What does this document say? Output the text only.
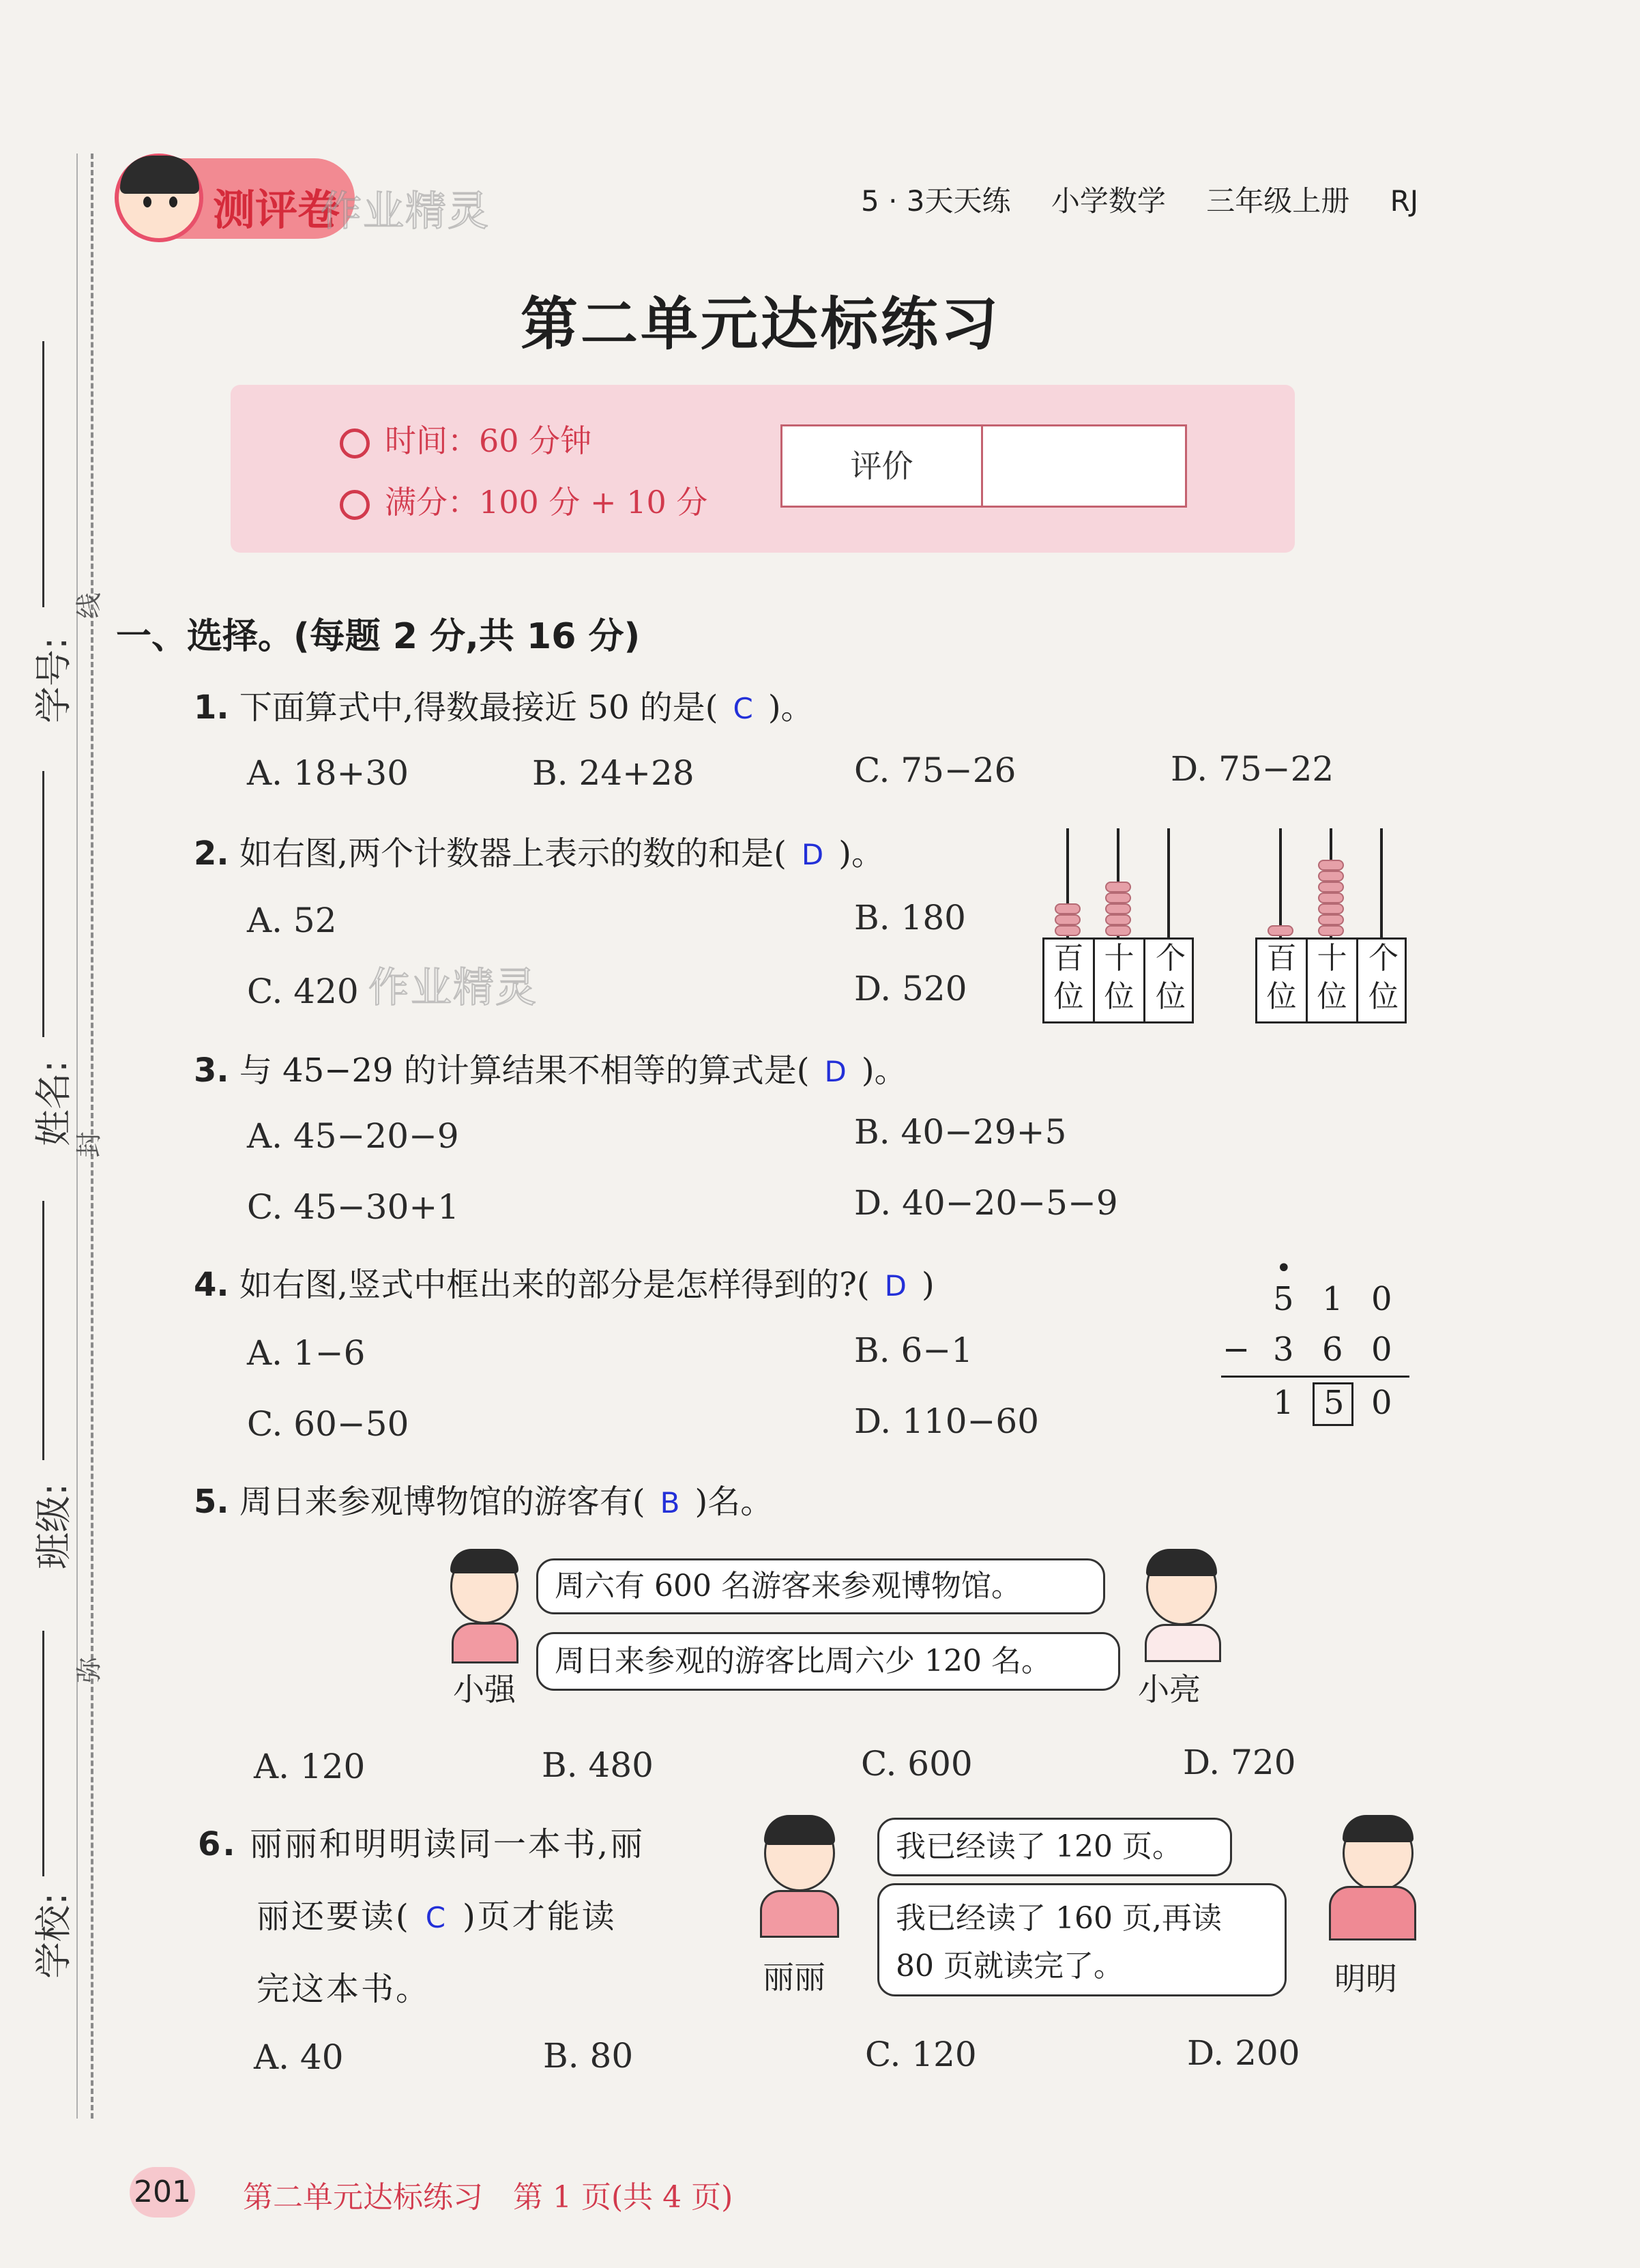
学号:
姓名:
班级:
学校:
线
封
弥
测评卷
作业精灵	5 · 3天天练 小学数学 三年级上册 RJ
第二单元达标练习
时间：60 分钟
满分：100 分 + 10 分
评价
一、选择。(每题 2 分,共 16 分)
1. 下面算式中,得数最接近 50 的是( C )。
A. 18+30	B. 24+28	C. 75−26	D. 75−22
2. 如右图,两个计数器上表示的数的和是( D )。
A. 52	B. 180
C. 420	D. 520
作业精灵
百
位
十
位
个
位
百
位
十
位
个
位
3. 与 45−29 的计算结果不相等的算式是( D )。
A. 45−20−9	B. 40−29+5
C. 45−30+1	D. 40−20−5−9
4. 如右图,竖式中框出来的部分是怎样得到的?( D )
A. 1−6	B. 6−1
C. 60−50	D. 110−60
•
5 1 0
− 3 6 0
1 5 0
5. 周日来参观博物馆的游客有( B )名。
小强
周六有 600 名游客来参观博物馆。
周日来参观的游客比周六少 120 名。
小亮
A. 120	B. 480	C. 600	D. 720
6. 丽丽和明明读同一本书,丽
丽还要读( C )页才能读
完这本书。	丽丽
我已经读了 120 页。
我已经读了 160 页,再读
80 页就读完了。	明明
A. 40	B. 80	C. 120	D. 200
201 第二单元达标练习　第 1 页(共 4 页)
